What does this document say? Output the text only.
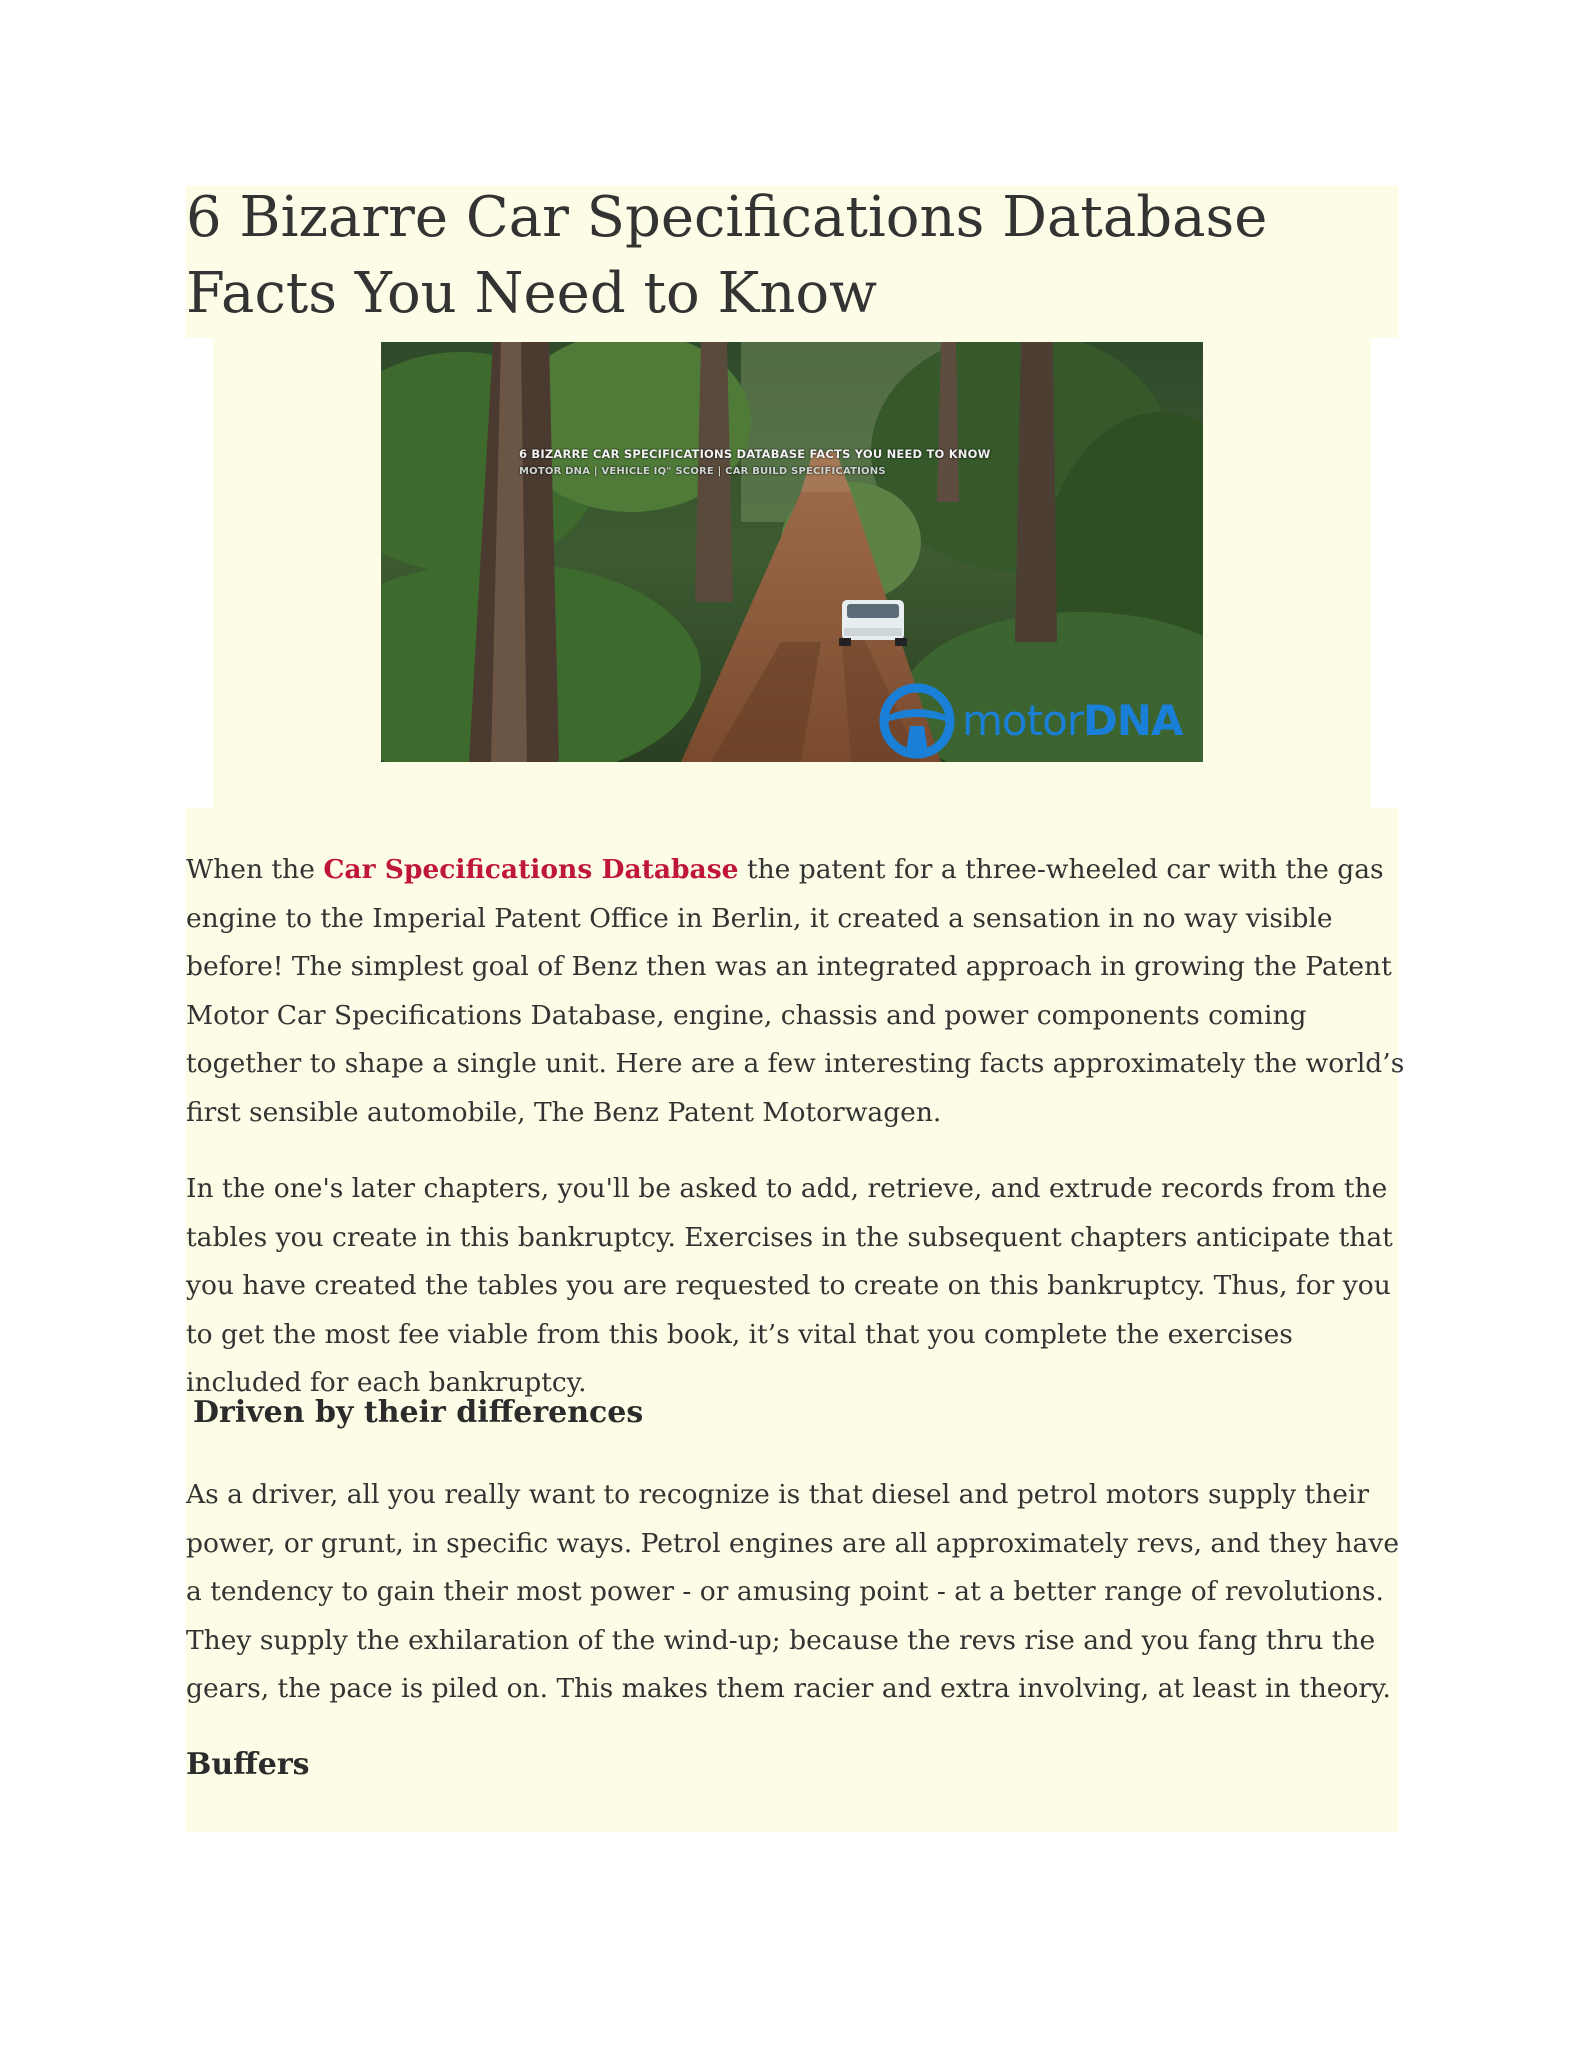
6 Bizarre Car Specifications Database Facts You Need to Know
6 BIZARRE CAR SPECIFICATIONS DATABASE FACTS YOU NEED TO KNOW
MOTOR DNA | VEHICLE IQ" SCORE | CAR BUILD SPECIFICATIONS
motorDNA

When the Car Specifications Database the patent for a three-wheeled car with the gas engine to the Imperial Patent Office in Berlin, it created a sensation in no way visible before! The simplest goal of Benz then was an integrated approach in growing the Patent Motor Car Specifications Database, engine, chassis and power components coming together to shape a single unit. Here are a few interesting facts approximately the world’s first sensible automobile, The Benz Patent Motorwagen.

In the one's later chapters, you'll be asked to add, retrieve, and extrude records from the tables you create in this bankruptcy. Exercises in the subsequent chapters anticipate that you have created the tables you are requested to create on this bankruptcy. Thus, for you to get the most fee viable from this book, it’s vital that you complete the exercises included for each bankruptcy.

Driven by their differences

As a driver, all you really want to recognize is that diesel and petrol motors supply their power, or grunt, in specific ways. Petrol engines are all approximately revs, and they have a tendency to gain their most power - or amusing point - at a better range of revolutions. They supply the exhilaration of the wind-up; because the revs rise and you fang thru the gears, the pace is piled on. This makes them racier and extra involving, at least in theory.

Buffers
